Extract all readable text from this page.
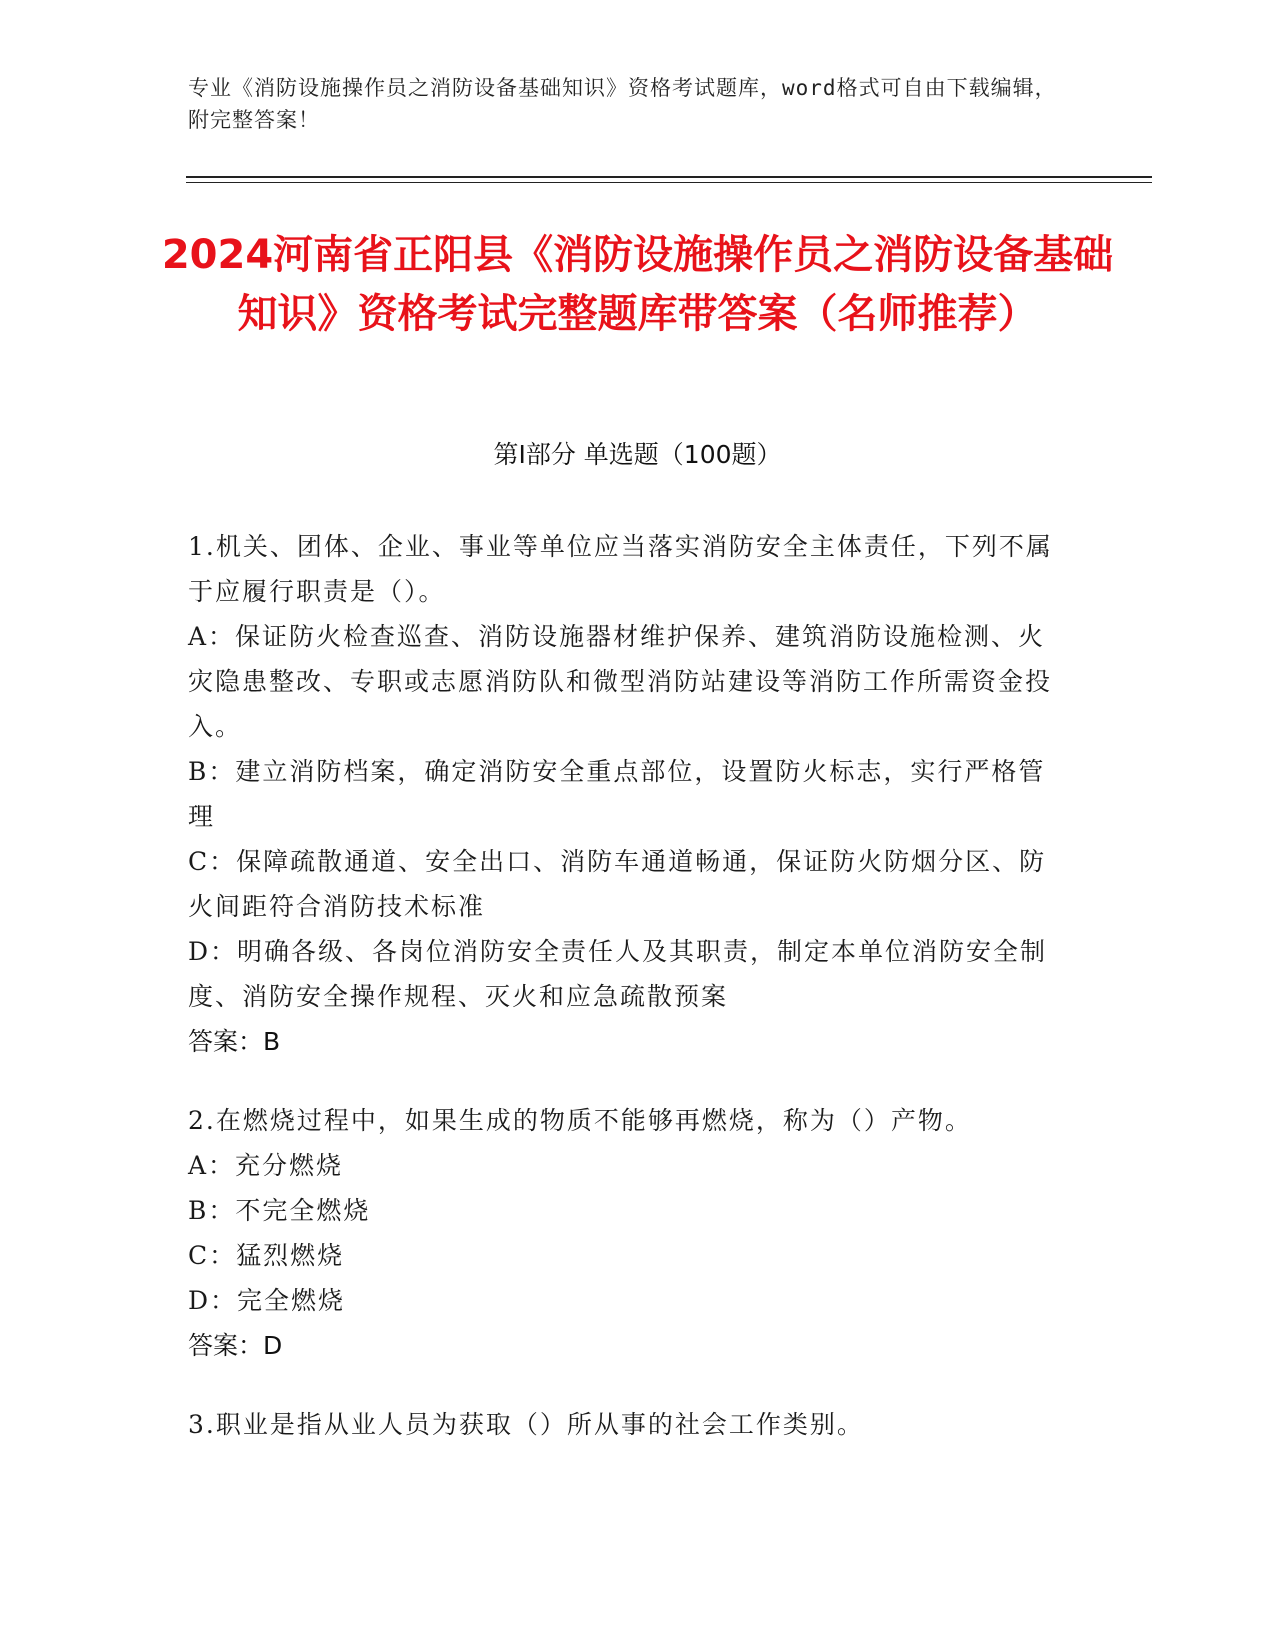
专业《消防设施操作员之消防设备基础知识》资格考试题库，word格式可自由下载编辑，附完整答案！
2024河南省正阳县《消防设施操作员之消防设备基础知识》资格考试完整题库带答案（名师推荐）
第Ⅰ部分 单选题（100题）

1.机关、团体、企业、事业等单位应当落实消防安全主体责任，下列不属于应履行职责是（）。

A：保证防火检查巡查、消防设施器材维护保养、建筑消防设施检测、火灾隐患整改、专职或志愿消防队和微型消防站建设等消防工作所需资金投入。

B：建立消防档案，确定消防安全重点部位，设置防火标志，实行严格管理

C：保障疏散通道、安全出口、消防车通道畅通，保证防火防烟分区、防火间距符合消防技术标准

D：明确各级、各岗位消防安全责任人及其职责，制定本单位消防安全制度、消防安全操作规程、灭火和应急疏散预案

答案：B

2.在燃烧过程中，如果生成的物质不能够再燃烧，称为（）产物。

A：充分燃烧

B：不完全燃烧

C：猛烈燃烧

D：完全燃烧

答案：D

3.职业是指从业人员为获取（）所从事的社会工作类别。
